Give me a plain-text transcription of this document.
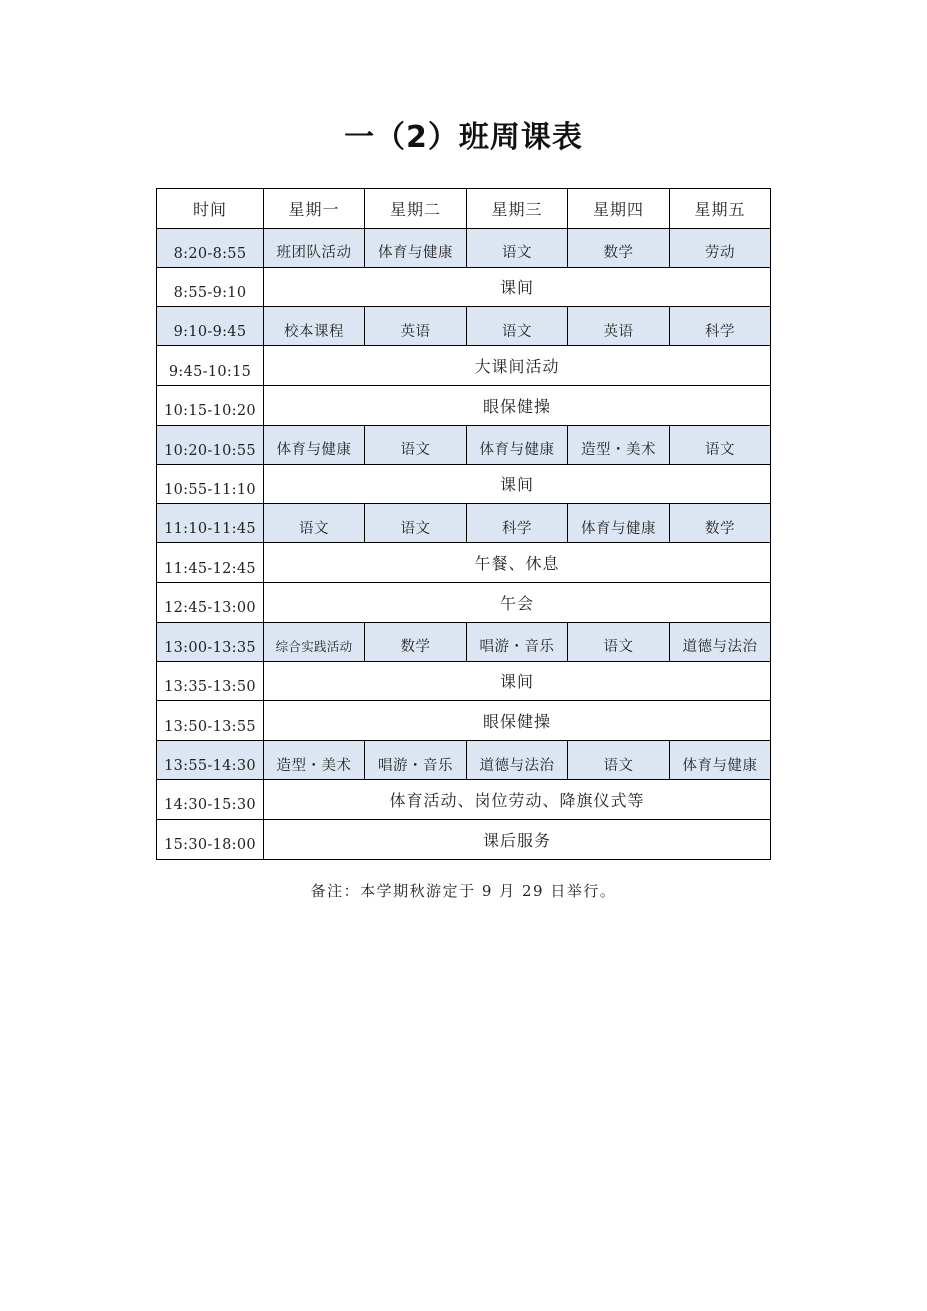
一（2）班周课表
时间	星期一	星期二	星期三	星期四	星期五
8:20-8:55	班团队活动	体育与健康	语文	数学	劳动
8:55-9:10	课间				
9:10-9:45	校本课程	英语	语文	英语	科学
9:45-10:15	大课间活动				
10:15-10:20	眼保健操				
10:20-10:55	体育与健康	语文	体育与健康	造型・美术	语文
10:55-11:10	课间				
11:10-11:45	语文	语文	科学	体育与健康	数学
11:45-12:45	午餐、休息				
12:45-13:00	午会				
13:00-13:35	综合实践活动	数学	唱游・音乐	语文	道德与法治
13:35-13:50	课间				
13:50-13:55	眼保健操				
13:55-14:30	造型・美术	唱游・音乐	道德与法治	语文	体育与健康
14:30-15:30	体育活动、岗位劳动、降旗仪式等				
15:30-18:00	课后服务				
备注：本学期秋游定于 9 月 29 日举行。
